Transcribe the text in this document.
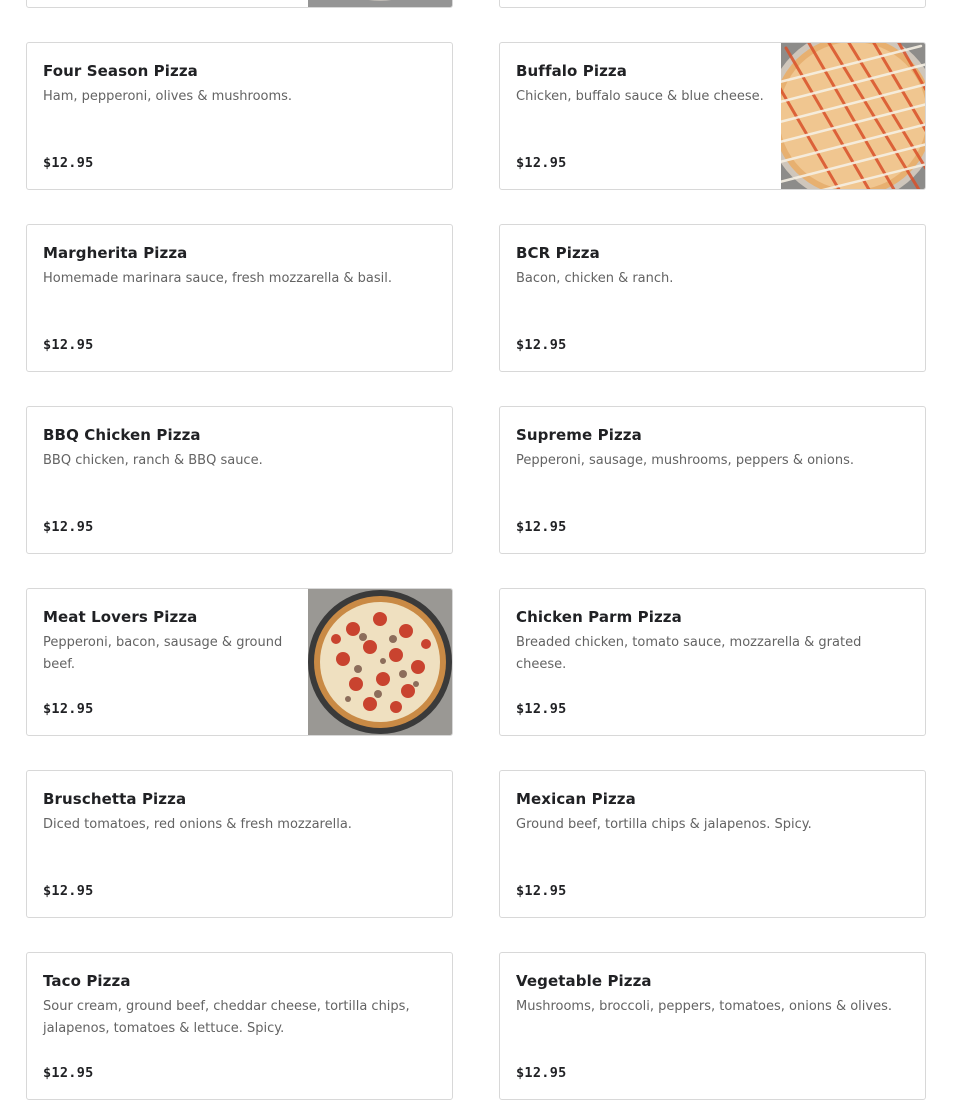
Four Season Pizza
Ham, pepperoni, olives & mushrooms.
$12.95
Buffalo Pizza
Chicken, buffalo sauce & blue cheese.
$12.95
Margherita Pizza
Homemade marinara sauce, fresh mozzarella & basil.
$12.95
BCR Pizza
Bacon, chicken & ranch.
$12.95
BBQ Chicken Pizza
BBQ chicken, ranch & BBQ sauce.
$12.95
Supreme Pizza
Pepperoni, sausage, mushrooms, peppers & onions.
$12.95
Meat Lovers Pizza
Pepperoni, bacon, sausage & ground beef.
$12.95
Chicken Parm Pizza
Breaded chicken, tomato sauce, mozzarella & grated cheese.
$12.95
Bruschetta Pizza
Diced tomatoes, red onions & fresh mozzarella.
$12.95
Mexican Pizza
Ground beef, tortilla chips & jalapenos. Spicy.
$12.95
Taco Pizza
Sour cream, ground beef, cheddar cheese, tortilla chips, jalapenos, tomatoes & lettuce. Spicy.
$12.95
Vegetable Pizza
Mushrooms, broccoli, peppers, tomatoes, onions & olives.
$12.95
